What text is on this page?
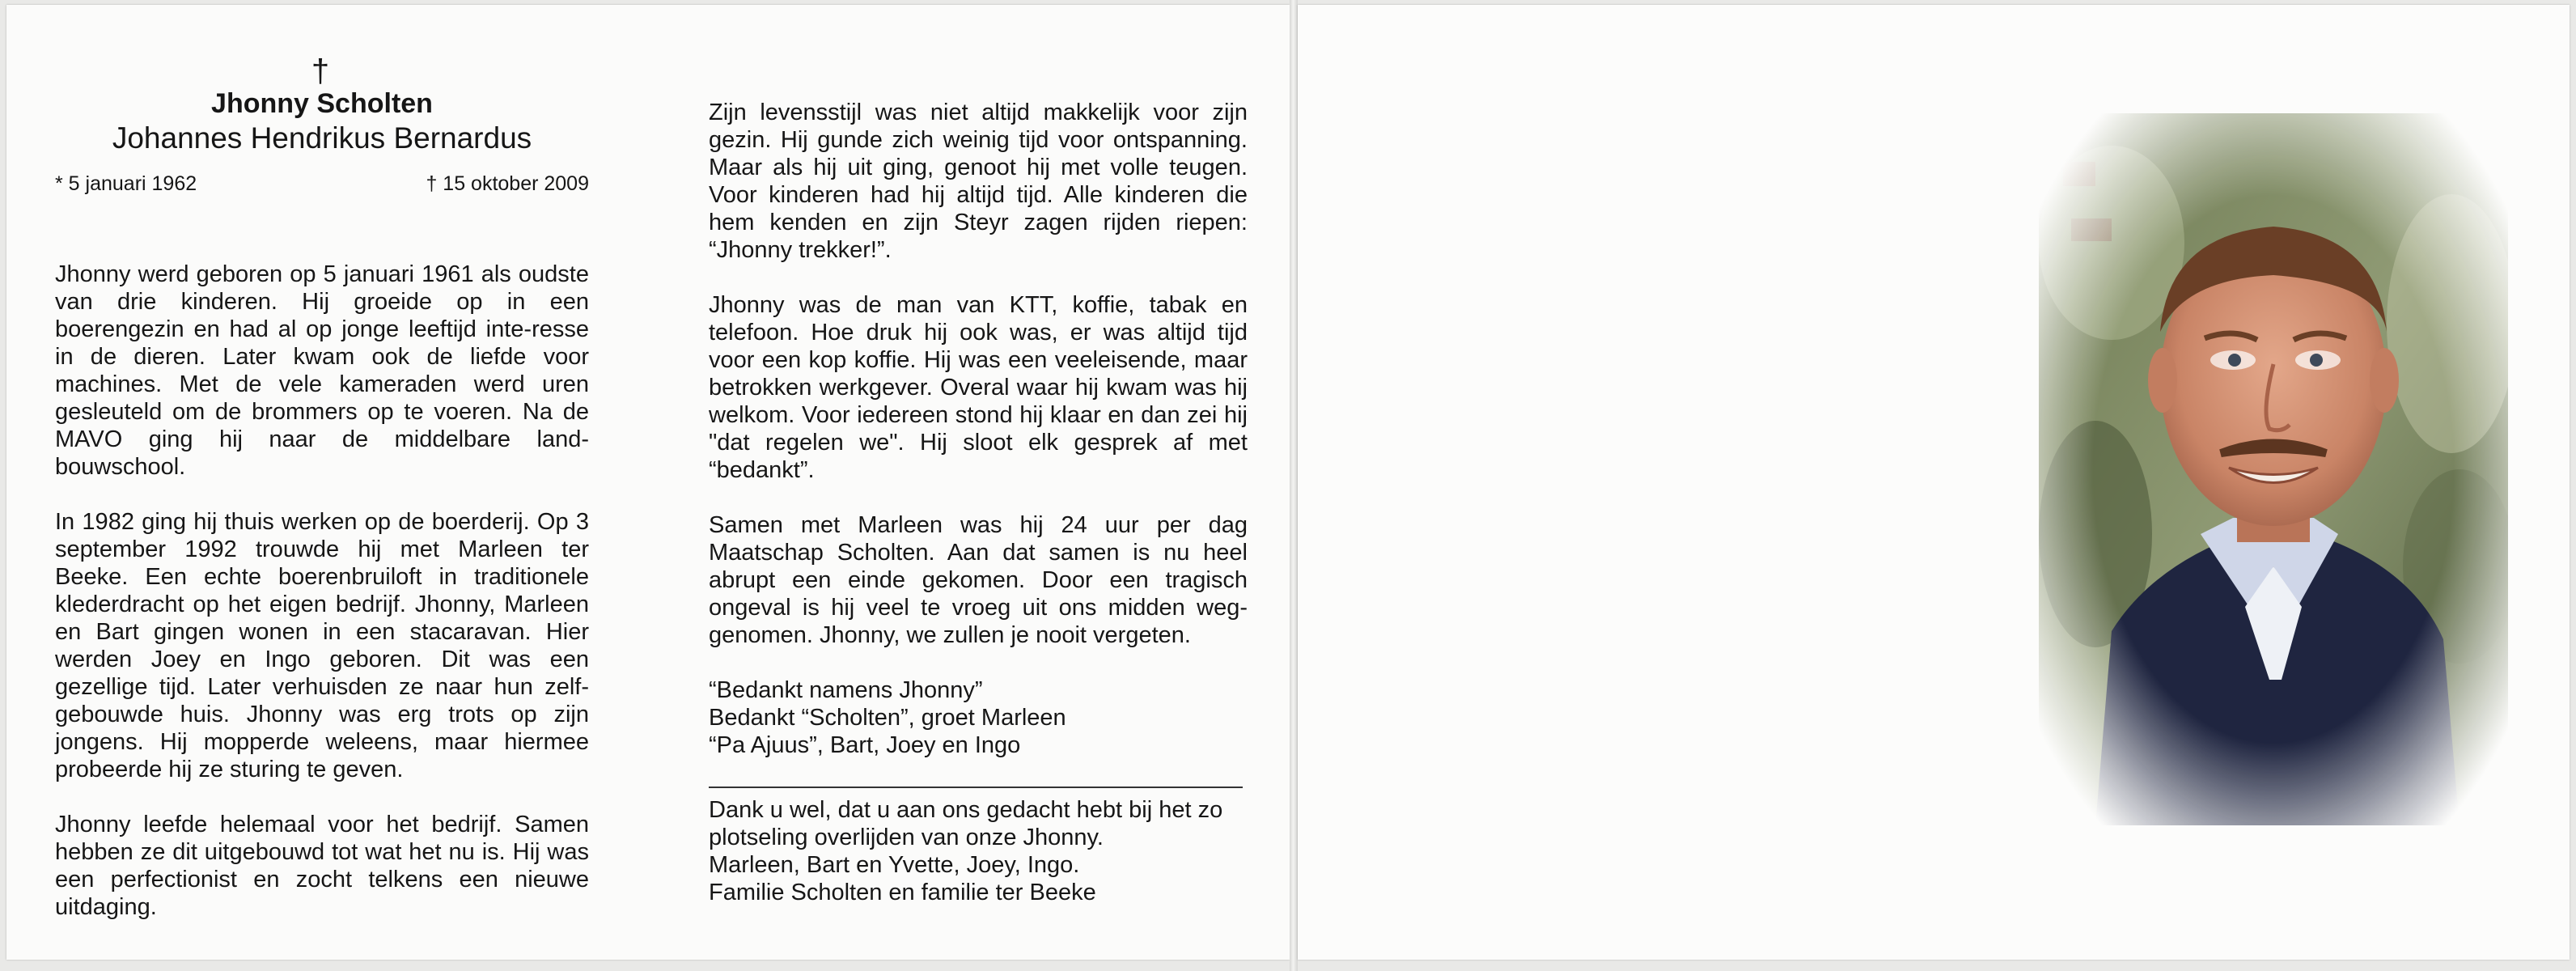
†
Jhonny Scholten
Johannes Hendrikus Bernardus
* 5 januari 1962	† 15 oktober 2009

Jhonny werd geboren op 5 januari 1961 als oudste van drie kinderen. Hij groeide op in een boerengezin en had al op jonge leeftijd inte-resse in de dieren. Later kwam ook de liefde voor machines. Met de vele kameraden werd uren gesleuteld om de brommers op te voeren. Na de MAVO ging hij naar de middelbare land-bouwschool.

In 1982 ging hij thuis werken op de boerderij. Op 3 september 1992 trouwde hij met Marleen ter Beeke. Een echte boerenbruiloft in traditionele klederdracht op het eigen bedrijf. Jhonny, Marleen en Bart gingen wonen in een stacaravan. Hier werden Joey en Ingo geboren. Dit was een gezellige tijd. Later verhuisden ze naar hun zelf-gebouwde huis. Jhonny was erg trots op zijn jongens. Hij mopperde weleens, maar hiermee probeerde hij ze sturing te geven.

Jhonny leefde helemaal voor het bedrijf. Samen hebben ze dit uitgebouwd tot wat het nu is. Hij was een perfectionist en zocht telkens een nieuwe uitdaging.

Zijn levensstijl was niet altijd makkelijk voor zijn gezin. Hij gunde zich weinig tijd voor ontspanning. Maar als hij uit ging, genoot hij met volle teugen. Voor kinderen had hij altijd tijd. Alle kinderen die hem kenden en zijn Steyr zagen rijden riepen: “Jhonny trekker!”.

Jhonny was de man van KTT, koffie, tabak en telefoon. Hoe druk hij ook was, er was altijd tijd voor een kop koffie. Hij was een veeleisende, maar betrokken werkgever. Overal waar hij kwam was hij welkom. Voor iedereen stond hij klaar en dan zei hij "dat regelen we". Hij sloot elk gesprek af met “bedankt”.

Samen met Marleen was hij 24 uur per dag Maatschap Scholten. Aan dat samen is nu heel abrupt een einde gekomen. Door een tragisch ongeval is hij veel te vroeg uit ons midden weg-genomen. Jhonny, we zullen je nooit vergeten.

“Bedankt namens Jhonny”
Bedankt “Scholten”, groet Marleen
“Pa Ajuus”, Bart, Joey en Ingo
Dank u wel, dat u aan ons gedacht hebt bij het zo
plotseling overlijden van onze Jhonny.
Marleen, Bart en Yvette, Joey, Ingo.
Familie Scholten en familie ter Beeke
